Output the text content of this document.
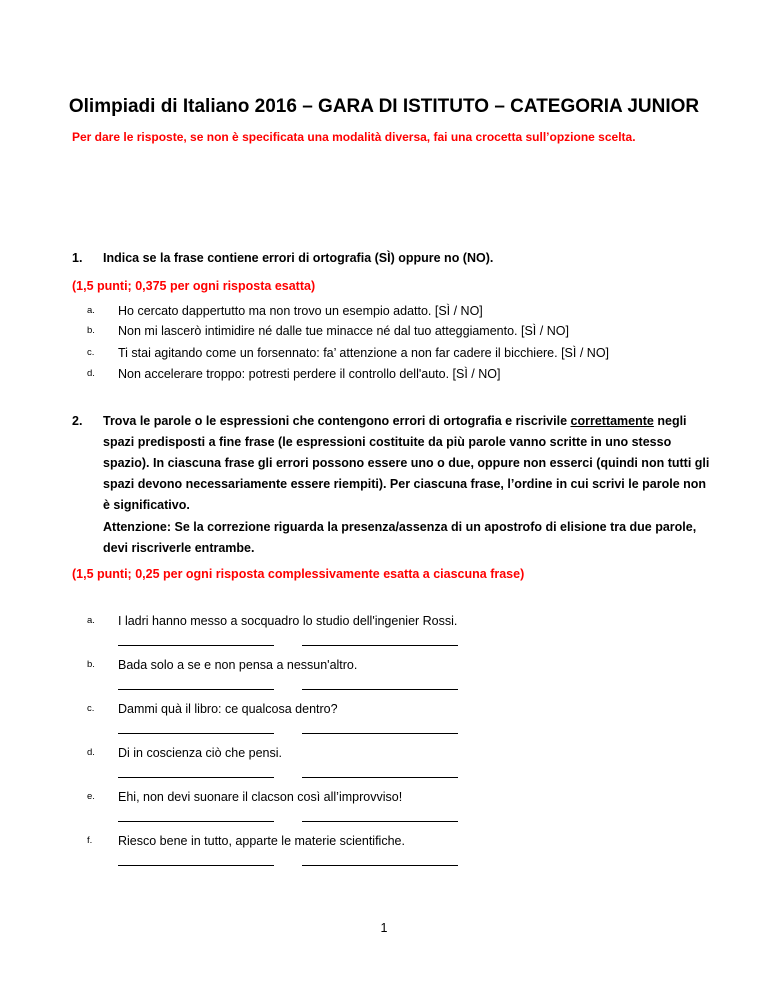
Olimpiadi di Italiano 2016 – GARA DI ISTITUTO – CATEGORIA JUNIOR
Per dare le risposte, se non è specificata una modalità diversa, fai una crocetta sull’opzione scelta.
1. Indica se la frase contiene errori di ortografia (SÌ) oppure no (NO).
(1,5 punti; 0,375 per ogni risposta esatta)
a.	Ho cercato dappertutto ma non trovo un esempio adatto. [SÌ / NO]
b.	Non mi lascerò intimidire né dalle tue minacce né dal tuo atteggiamento. [SÌ / NO]
c.	Ti stai agitando come un forsennato: fa’ attenzione a non far cadere il bicchiere. [SÌ / NO]
d.	Non accelerare troppo: potresti perdere il controllo dell'auto. [SÌ / NO]
2. Trova le parole o le espressioni che contengono errori di ortografia e riscrivile correttamente negli spazi predisposti a fine frase (le espressioni costituite da più parole vanno scritte in uno stesso spazio). In ciascuna frase gli errori possono essere uno o due, oppure non esserci (quindi non tutti gli spazi devono necessariamente essere riempiti). Per ciascuna frase, l’ordine in cui scrivi le parole non è significativo.
Attenzione: Se la correzione riguarda la presenza/assenza di un apostrofo di elisione tra due parole, devi riscriverle entrambe.
(1,5 punti; 0,25 per ogni risposta complessivamente esatta a ciascuna frase)
a.	I ladri hanno messo a socquadro lo studio dell'ingenier Rossi.
b.	Bada solo a se e non pensa a nessun'altro.
c.	Dammi quà il libro: ce qualcosa dentro?
d.	Di in coscienza ciò che pensi.
e.	Ehi, non devi suonare il clacson così all’improvviso!
f.	Riesco bene in tutto, apparte le materie scientifiche.
1
